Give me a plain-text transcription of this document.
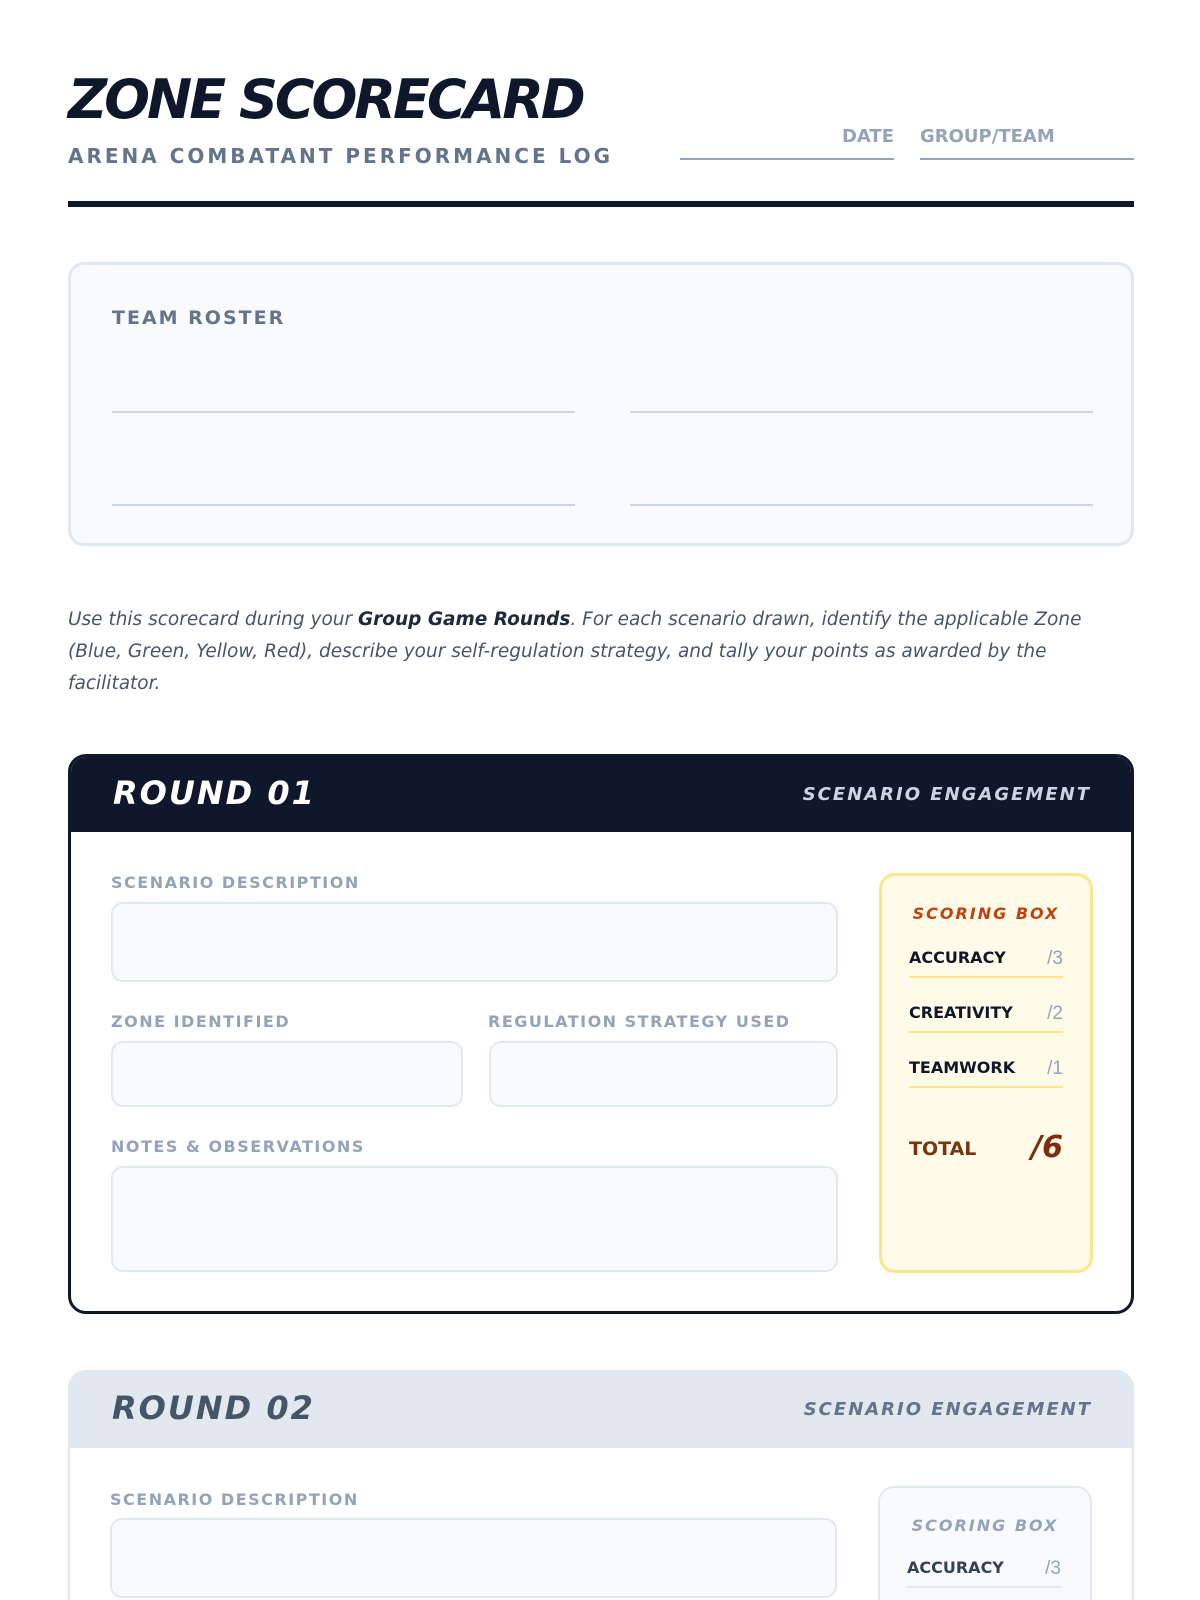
ZONE SCORECARD
ARENA COMBATANT PERFORMANCE LOG
DATE GROUP/TEAM
TEAM ROSTER

Use this scorecard during your Group Game Rounds. For each scenario drawn, identify the applicable Zone (Blue, Green, Yellow, Red), describe your self-regulation strategy, and tally your points as awarded by the facilitator.

ROUND 01	SCENARIO ENGAGEMENT
SCENARIO DESCRIPTION
ZONE IDENTIFIED	REGULATION STRATEGY USED
NOTES & OBSERVATIONS
SCORING BOX
ACCURACY /3
CREATIVITY /2
TEAMWORK /1
TOTAL /6
ROUND 02	SCENARIO ENGAGEMENT
SCENARIO DESCRIPTION
SCORING BOX
ACCURACY /3
